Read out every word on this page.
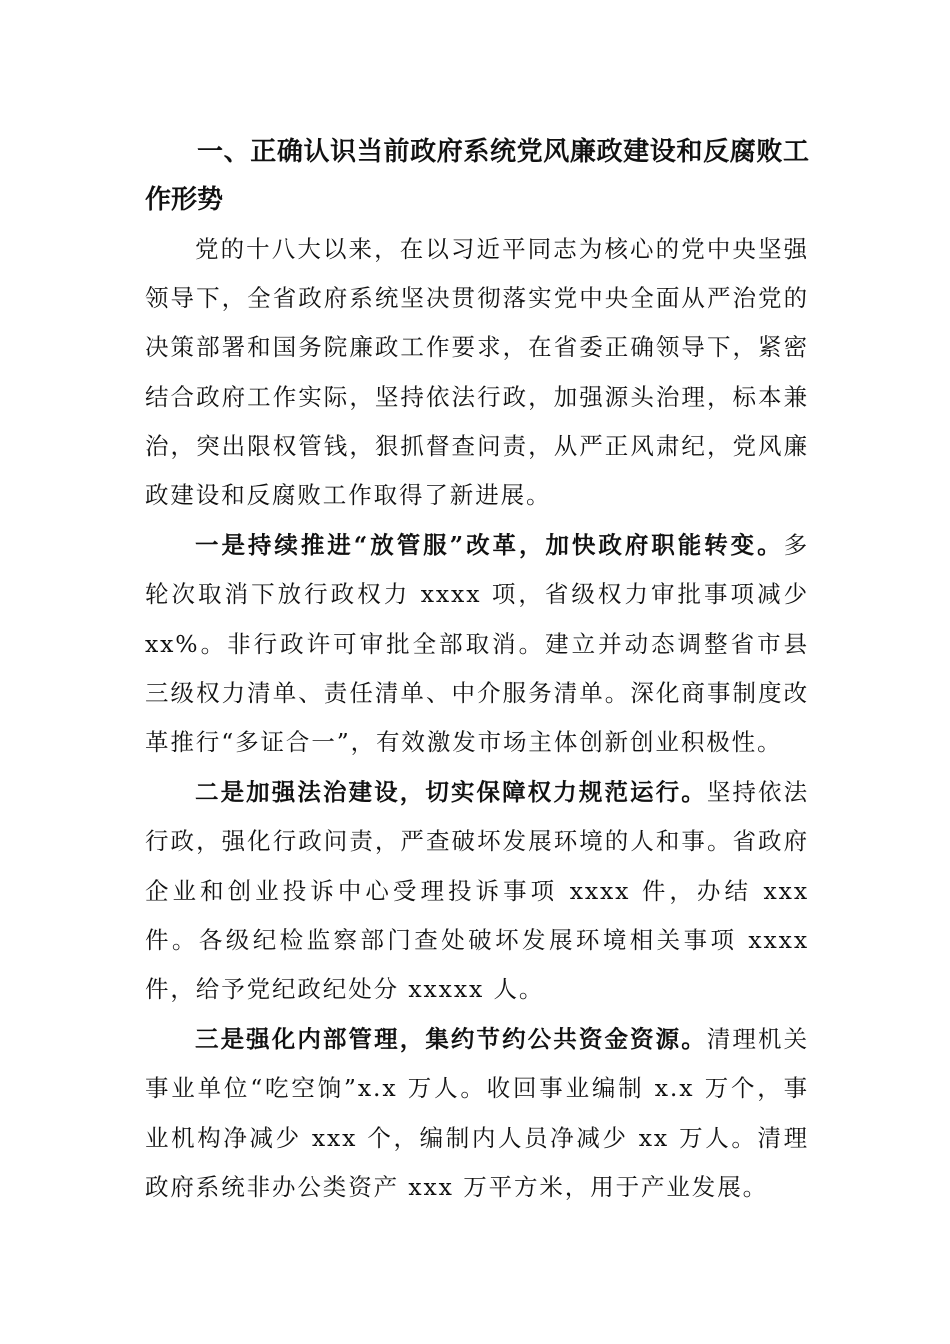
一、正确认识当前政府系统党风廉政建设和反腐败工作形势

党的十八大以来，在以习近平同志为核心的党中央坚强领导下，全省政府系统坚决贯彻落实党中央全面从严治党的决策部署和国务院廉政工作要求，在省委正确领导下，紧密结合政府工作实际，坚持依法行政，加强源头治理，标本兼治，突出限权管钱，狠抓督查问责，从严正风肃纪，党风廉政建设和反腐败工作取得了新进展。

一是持续推进“放管服”改革，加快政府职能转变。多轮次取消下放行政权力 xxxx 项，省级权力审批事项减少 xx%。非行政许可审批全部取消。建立并动态调整省市县三级权力清单、责任清单、中介服务清单。深化商事制度改革推行“多证合一”，有效激发市场主体创新创业积极性。

二是加强法治建设，切实保障权力规范运行。坚持依法行政，强化行政问责，严查破坏发展环境的人和事。省政府企业和创业投诉中心受理投诉事项 xxxx 件，办结 xxx 件。各级纪检监察部门查处破坏发展环境相关事项 xxxx 件，给予党纪政纪处分 xxxxx 人。

三是强化内部管理，集约节约公共资金资源。清理机关事业单位“吃空饷”x.x 万人。收回事业编制 x.x 万个，事业机构净减少 xxx 个，编制内人员净减少 xx 万人。清理政府系统非办公类资产 xxx 万平方米，用于产业发展。
